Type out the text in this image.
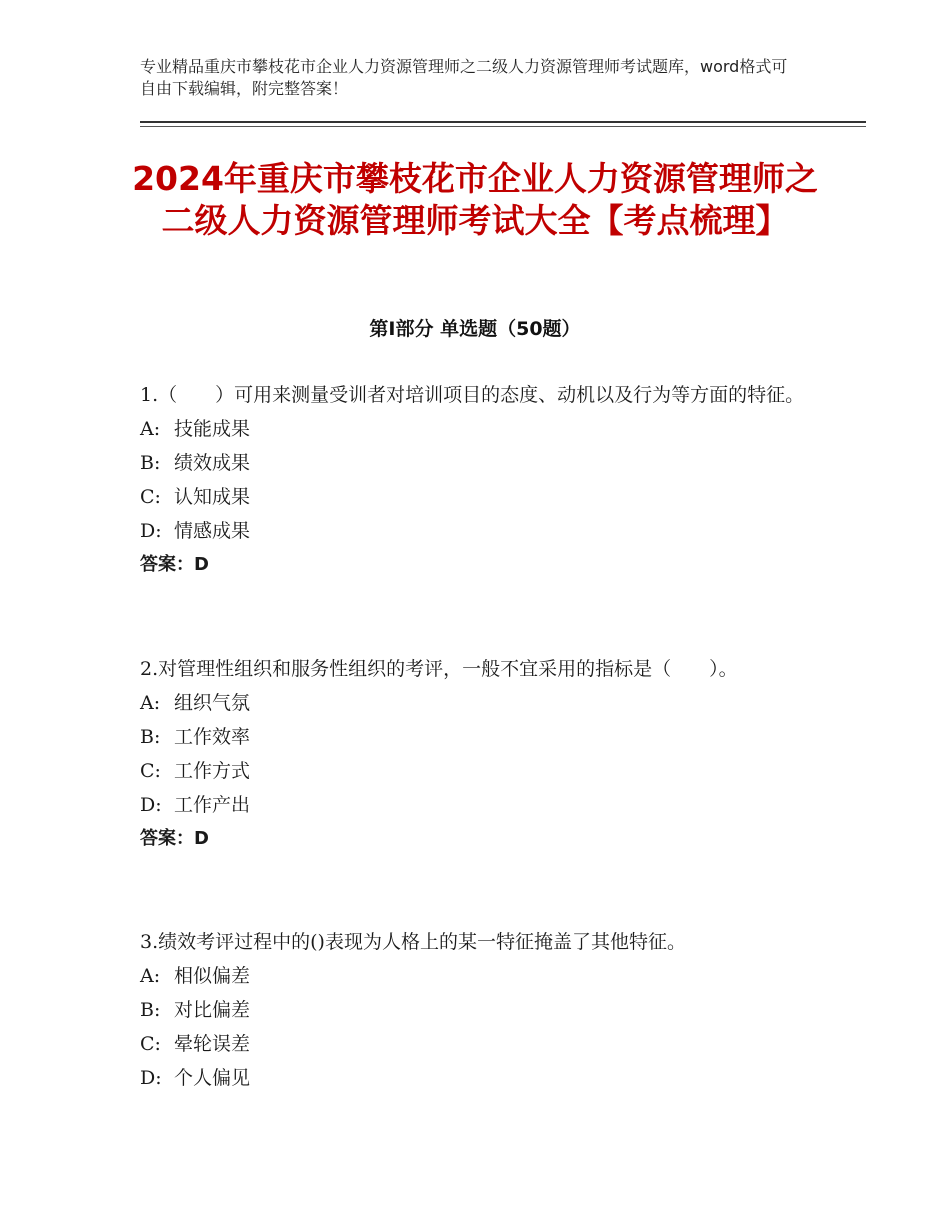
专业精品重庆市攀枝花市企业人力资源管理师之二级人力资源管理师考试题库，word格式可自由下载编辑，附完整答案！
2024年重庆市攀枝花市企业人力资源管理师之二级人力资源管理师考试大全【考点梳理】
第Ⅰ部分 单选题（50题）

1.（　　）可用来测量受训者对培训项目的态度、动机以及行为等方面的特征。

A: 技能成果

B: 绩效成果

C: 认知成果

D: 情感成果

答案：D

2.对管理性组织和服务性组织的考评，一般不宜采用的指标是（　　）。

A: 组织气氛

B: 工作效率

C: 工作方式

D: 工作产出

答案：D

3.绩效考评过程中的()表现为人格上的某一特征掩盖了其他特征。

A: 相似偏差

B: 对比偏差

C: 晕轮误差

D: 个人偏见
